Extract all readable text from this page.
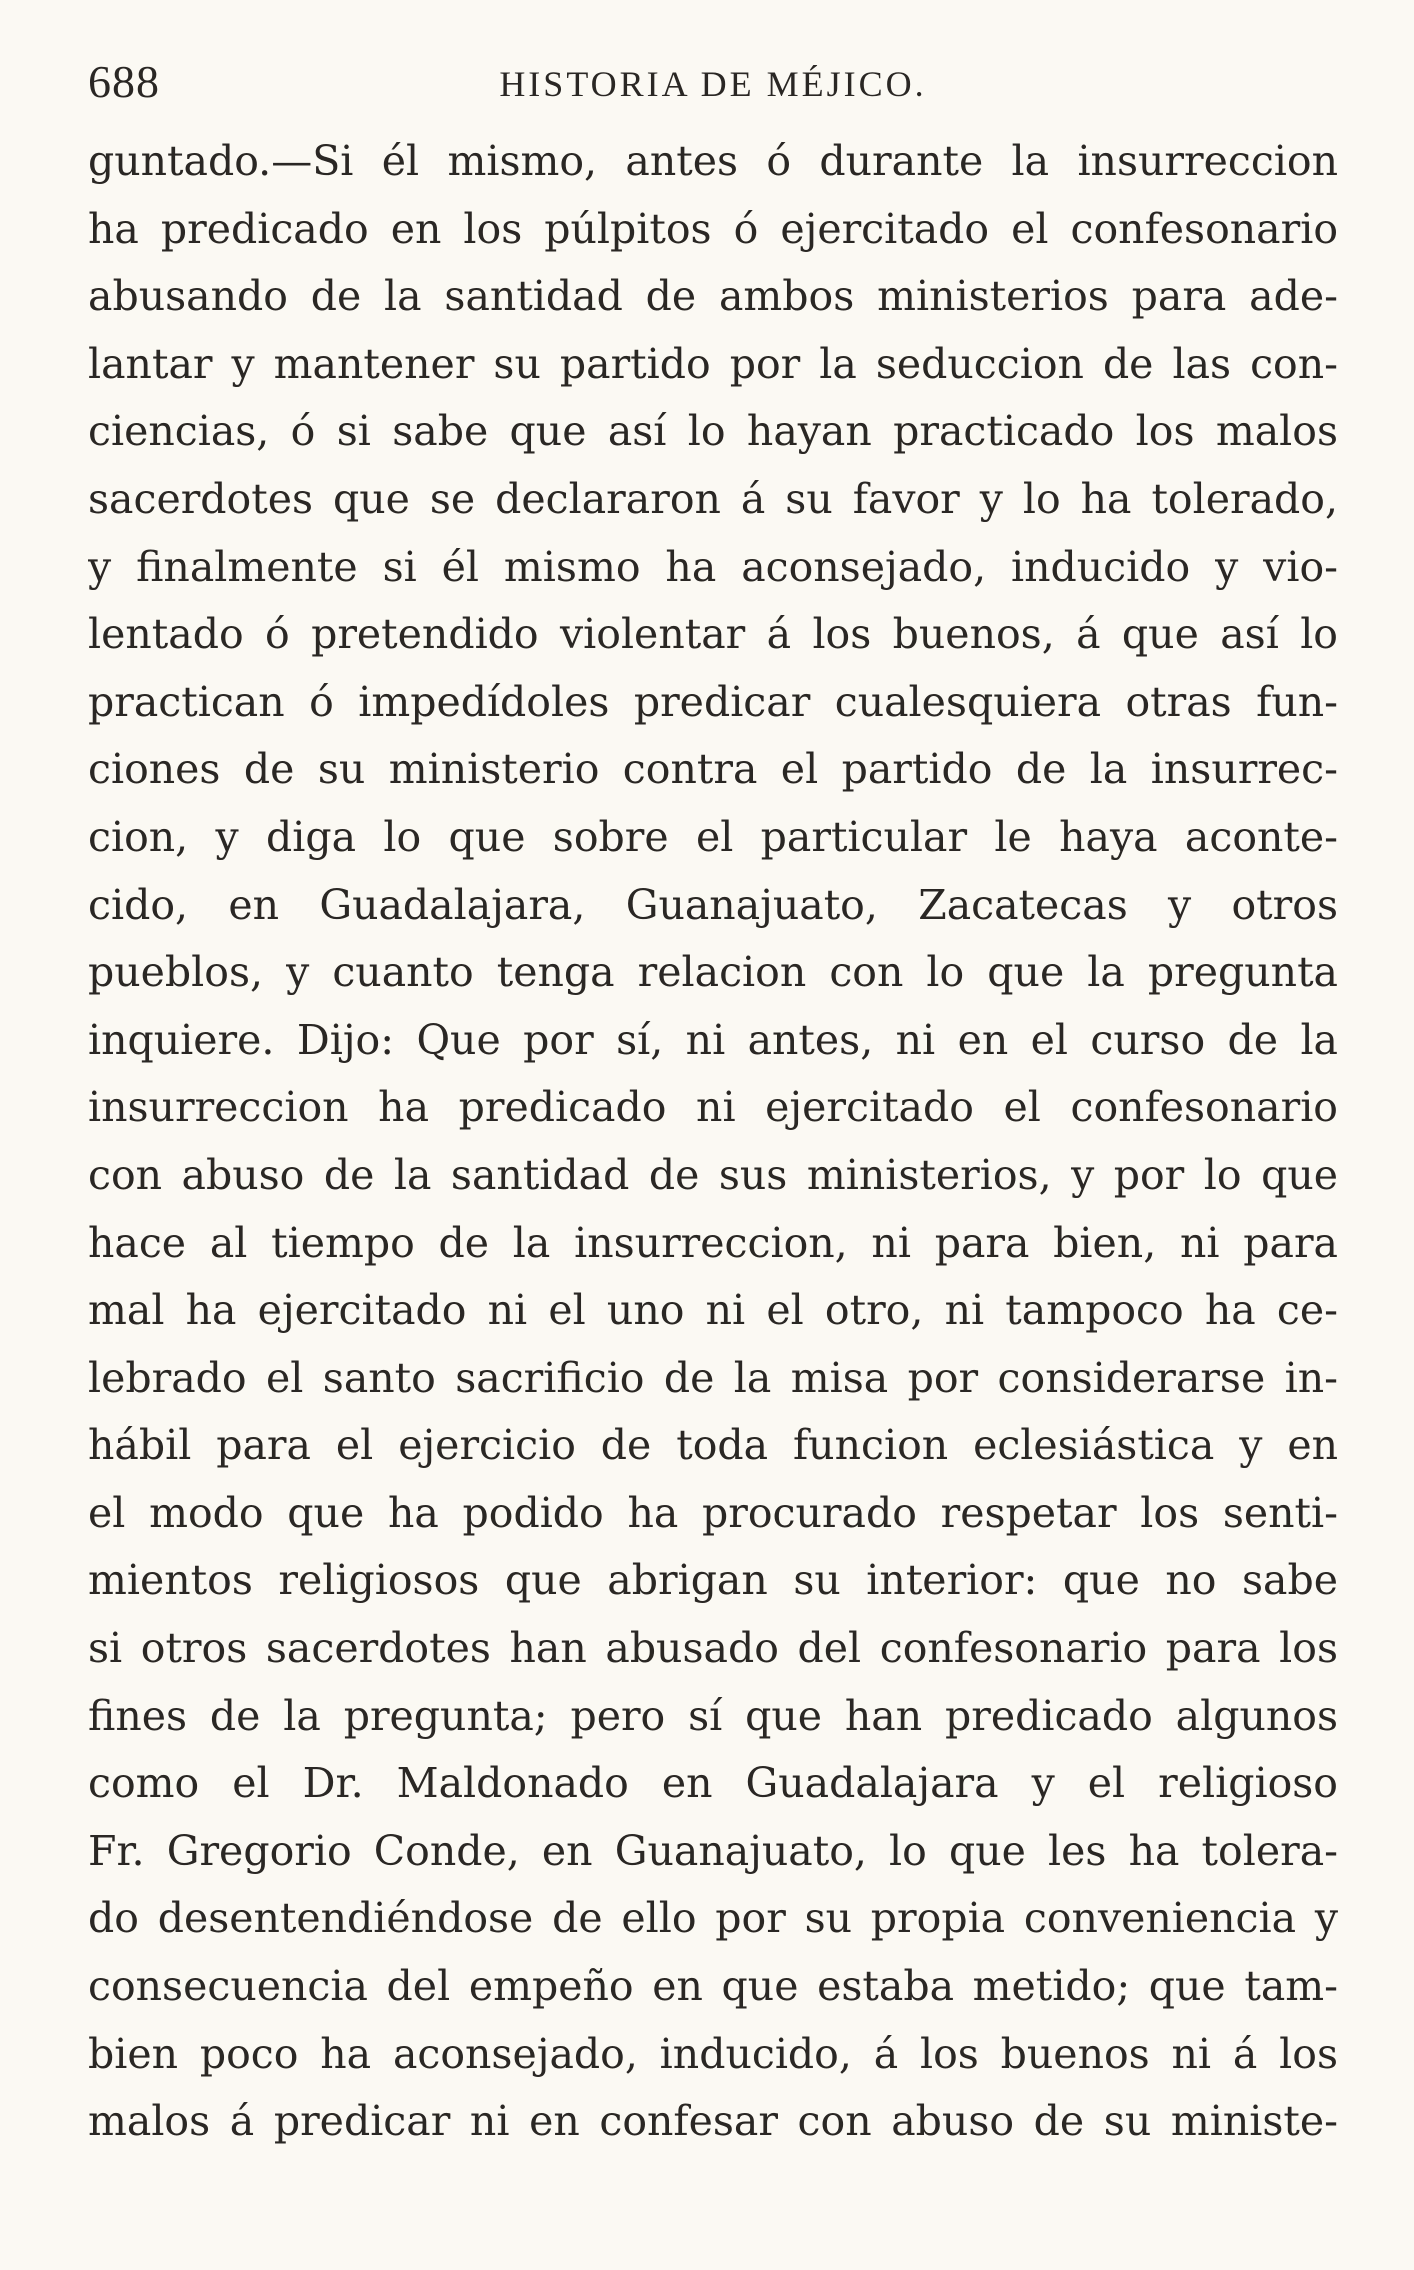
688	HISTORIA DE MÉJICO.
guntado.—Si él mismo, antes ó durante la insurreccion
ha predicado en los púlpitos ó ejercitado el confesonario
abusando de la santidad de ambos ministerios para ade-
lantar y mantener su partido por la seduccion de las con-
ciencias, ó si sabe que así lo hayan practicado los malos
sacerdotes que se declararon á su favor y lo ha tolerado,
y finalmente si él mismo ha aconsejado, inducido y vio-
lentado ó pretendido violentar á los buenos, á que así lo
practican ó impedídoles predicar cualesquiera otras fun-
ciones de su ministerio contra el partido de la insurrec-
cion, y diga lo que sobre el particular le haya aconte-
cido, en Guadalajara, Guanajuato, Zacatecas y otros
pueblos, y cuanto tenga relacion con lo que la pregunta
inquiere. Dijo: Que por sí, ni antes, ni en el curso de la
insurreccion ha predicado ni ejercitado el confesonario
con abuso de la santidad de sus ministerios, y por lo que
hace al tiempo de la insurreccion, ni para bien, ni para
mal ha ejercitado ni el uno ni el otro, ni tampoco ha ce-
lebrado el santo sacrificio de la misa por considerarse in-
hábil para el ejercicio de toda funcion eclesiástica y en
el modo que ha podido ha procurado respetar los senti-
mientos religiosos que abrigan su interior: que no sabe
si otros sacerdotes han abusado del confesonario para los
fines de la pregunta; pero sí que han predicado algunos
como el Dr. Maldonado en Guadalajara y el religioso
Fr. Gregorio Conde, en Guanajuato, lo que les ha tolera-
do desentendiéndose de ello por su propia conveniencia y
consecuencia del empeño en que estaba metido; que tam-
bien poco ha aconsejado, inducido, á los buenos ni á los
malos á predicar ni en confesar con abuso de su ministe-
